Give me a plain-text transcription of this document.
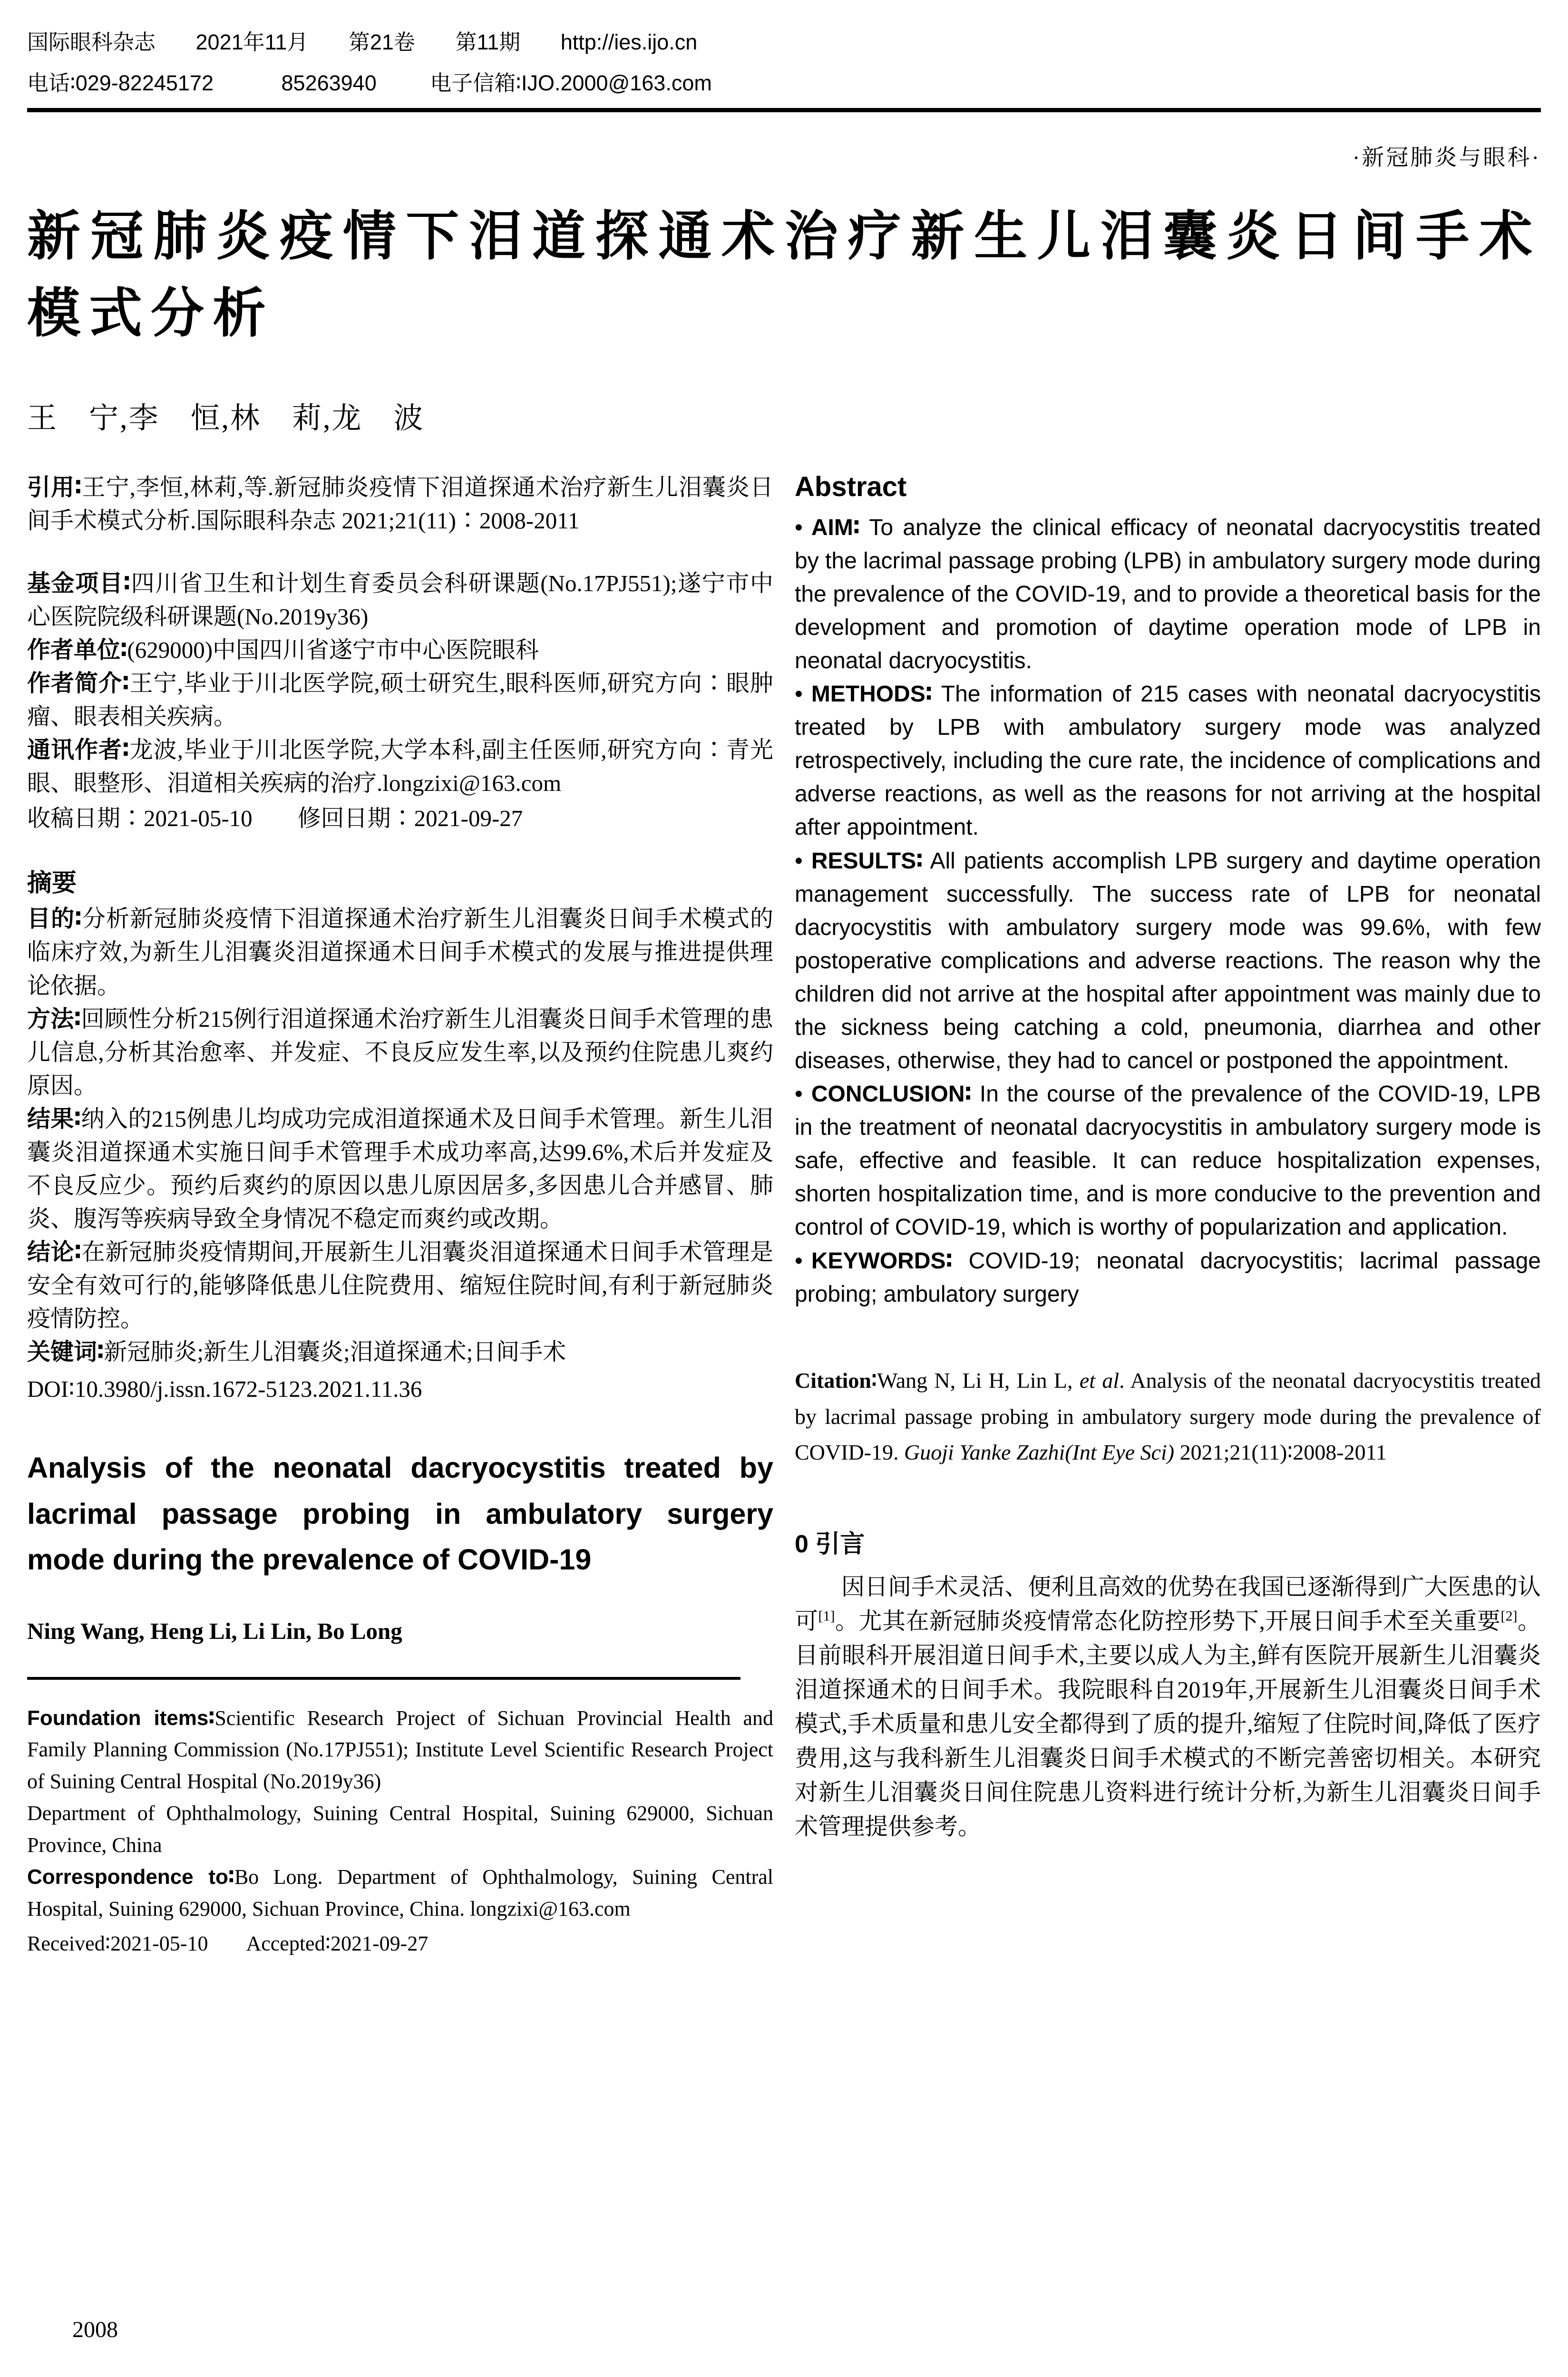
国际眼科杂志 2021年11月 第21卷 第11期 http://ies.ijo.cn
电话∶029-82245172	85263940	电子信箱∶IJO.2000@163.com
·新冠肺炎与眼科·
新冠肺炎疫情下泪道探通术治疗新生儿泪囊炎日间手术模式分析
王　宁,李　恒,林　莉,龙　波

引用∶王宁,李恒,林莉,等.新冠肺炎疫情下泪道探通术治疗新生儿泪囊炎日间手术模式分析.国际眼科杂志 2021;21(11)∶2008-2011

基金项目∶四川省卫生和计划生育委员会科研课题(No.17PJ551);遂宁市中心医院院级科研课题(No.2019y36)

作者单位∶(629000)中国四川省遂宁市中心医院眼科

作者简介∶王宁,毕业于川北医学院,硕士研究生,眼科医师,研究方向∶眼肿瘤、眼表相关疾病。

通讯作者∶龙波,毕业于川北医学院,大学本科,副主任医师,研究方向∶青光眼、眼整形、泪道相关疾病的治疗.longzixi@163.com

收稿日期∶2021-05-10 修回日期∶2021-09-27

摘要

目的∶分析新冠肺炎疫情下泪道探通术治疗新生儿泪囊炎日间手术模式的临床疗效,为新生儿泪囊炎泪道探通术日间手术模式的发展与推进提供理论依据。

方法∶回顾性分析215例行泪道探通术治疗新生儿泪囊炎日间手术管理的患儿信息,分析其治愈率、并发症、不良反应发生率,以及预约住院患儿爽约原因。

结果∶纳入的215例患儿均成功完成泪道探通术及日间手术管理。新生儿泪囊炎泪道探通术实施日间手术管理手术成功率高,达99.6%,术后并发症及不良反应少。预约后爽约的原因以患儿原因居多,多因患儿合并感冒、肺炎、腹泻等疾病导致全身情况不稳定而爽约或改期。

结论∶在新冠肺炎疫情期间,开展新生儿泪囊炎泪道探通术日间手术管理是安全有效可行的,能够降低患儿住院费用、缩短住院时间,有利于新冠肺炎疫情防控。

关键词∶新冠肺炎;新生儿泪囊炎;泪道探通术;日间手术

DOI∶10.3980/j.issn.1672-5123.2021.11.36

Analysis of the neonatal dacryocystitis treated by lacrimal passage probing in ambulatory surgery mode during the prevalence of COVID-19

Ning Wang, Heng Li, Li Lin, Bo Long

Foundation items∶Scientific Research Project of Sichuan Provincial Health and Family Planning Commission (No.17PJ551); Institute Level Scientific Research Project of Suining Central Hospital (No.2019y36)

Department of Ophthalmology, Suining Central Hospital, Suining 629000, Sichuan Province, China

Correspondence to∶Bo Long. Department of Ophthalmology, Suining Central Hospital, Suining 629000, Sichuan Province, China. longzixi@163.com

Received∶2021-05-10 Accepted∶2021-09-27

Abstract

• AIM∶ To analyze the clinical efficacy of neonatal dacryocystitis treated by the lacrimal passage probing (LPB) in ambulatory surgery mode during the prevalence of the COVID-19, and to provide a theoretical basis for the development and promotion of daytime operation mode of LPB in neonatal dacryocystitis.

• METHODS∶ The information of 215 cases with neonatal dacryocystitis treated by LPB with ambulatory surgery mode was analyzed retrospectively, including the cure rate, the incidence of complications and adverse reactions, as well as the reasons for not arriving at the hospital after appointment.

• RESULTS∶ All patients accomplish LPB surgery and daytime operation management successfully. The success rate of LPB for neonatal dacryocystitis with ambulatory surgery mode was 99.6%, with few postoperative complications and adverse reactions. The reason why the children did not arrive at the hospital after appointment was mainly due to the sickness being catching a cold, pneumonia, diarrhea and other diseases, otherwise, they had to cancel or postponed the appointment.

• CONCLUSION∶ In the course of the prevalence of the COVID-19, LPB in the treatment of neonatal dacryocystitis in ambulatory surgery mode is safe, effective and feasible. It can reduce hospitalization expenses, shorten hospitalization time, and is more conducive to the prevention and control of COVID-19, which is worthy of popularization and application.

• KEYWORDS∶ COVID-19; neonatal dacryocystitis; lacrimal passage probing; ambulatory surgery

Citation∶Wang N, Li H, Lin L, et al. Analysis of the neonatal dacryocystitis treated by lacrimal passage probing in ambulatory surgery mode during the prevalence of COVID-19. Guoji Yanke Zazhi(Int Eye Sci) 2021;21(11)∶2008-2011

0 引言

因日间手术灵活、便利且高效的优势在我国已逐渐得到广大医患的认可[1]。尤其在新冠肺炎疫情常态化防控形势下,开展日间手术至关重要[2]。目前眼科开展泪道日间手术,主要以成人为主,鲜有医院开展新生儿泪囊炎泪道探通术的日间手术。我院眼科自2019年,开展新生儿泪囊炎日间手术模式,手术质量和患儿安全都得到了质的提升,缩短了住院时间,降低了医疗费用,这与我科新生儿泪囊炎日间手术模式的不断完善密切相关。本研究对新生儿泪囊炎日间住院患儿资料进行统计分析,为新生儿泪囊炎日间手术管理提供参考。

2008
